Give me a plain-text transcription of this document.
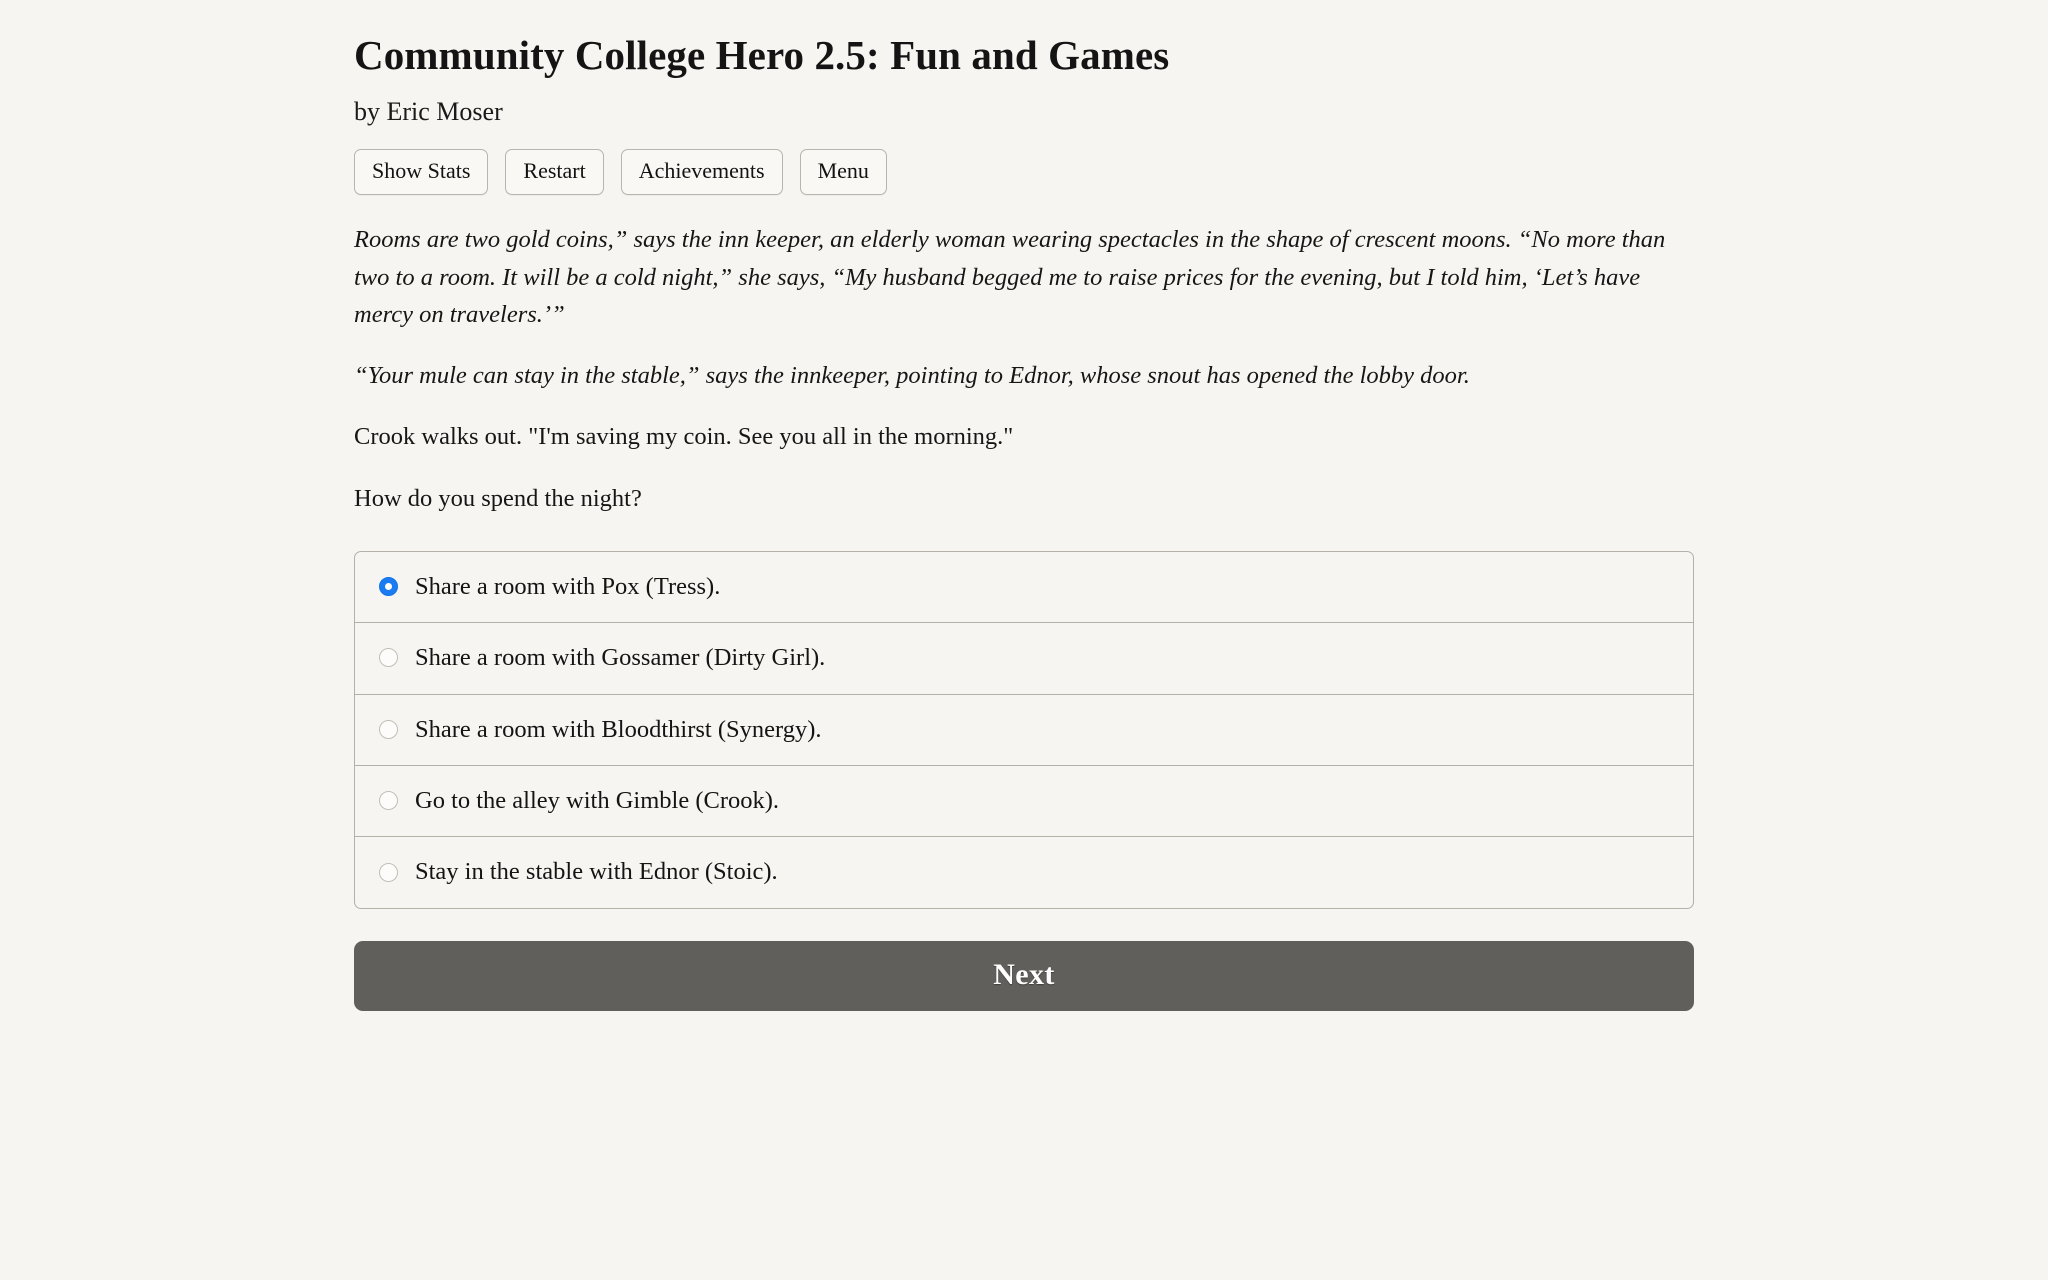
Community College Hero 2.5: Fun and Games
by Eric Moser
Show Stats	Restart	Achievements	Menu

Rooms are two gold coins,” says the inn keeper, an elderly woman wearing spectacles in the shape of crescent moons. “No more than two to a room. It will be a cold night,” she says, “My husband begged me to raise prices for the evening, but I told him, ‘Let’s have mercy on travelers.’”

“Your mule can stay in the stable,” says the innkeeper, pointing to Ednor, whose snout has opened the lobby door.

Crook walks out. "I'm saving my coin. See you all in the morning."

How do you spend the night?

Share a room with Pox (Tress).
Share a room with Gossamer (Dirty Girl).
Share a room with Bloodthirst (Synergy).
Go to the alley with Gimble (Crook).
Stay in the stable with Ednor (Stoic).
Next
